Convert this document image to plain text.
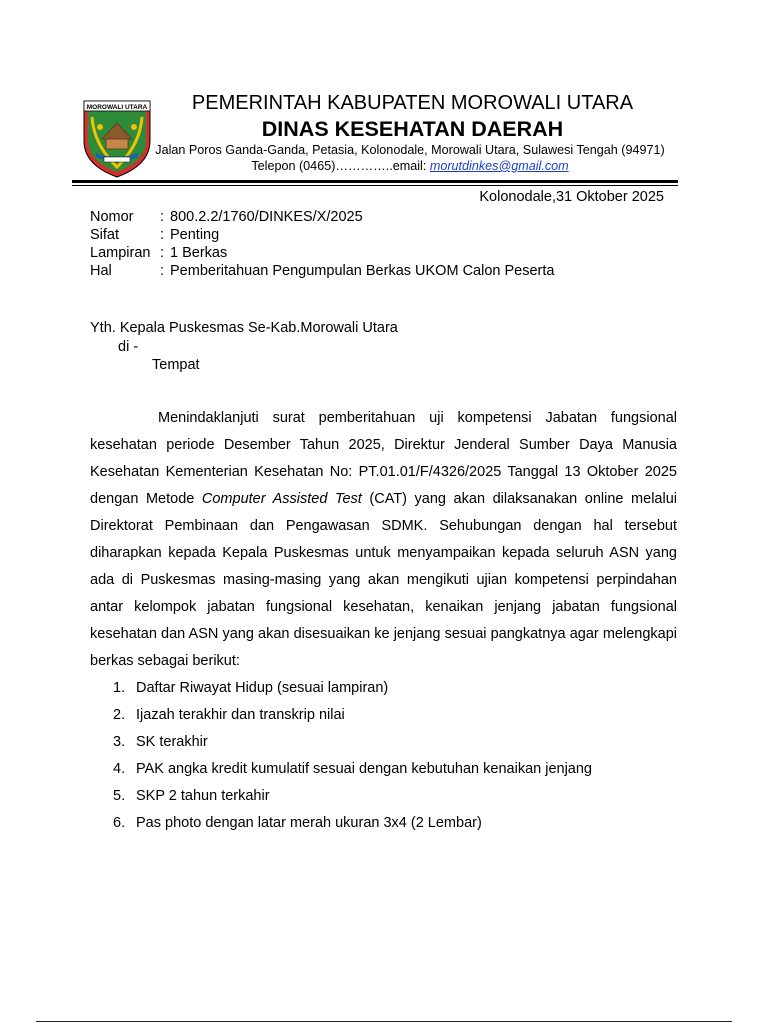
MOROWALI UTARA	PEMERINTAH KABUPATEN MOROWALI UTARA
DINAS KESEHATAN DAERAH
Jalan Poros Ganda-Ganda, Petasia, Kolonodale, Morowali Utara, Sulawesi Tengah (94971)
Telepon (0465)…………..email: morutdinkes@gmail.com
Kolonodale,31 Oktober 2025
Nomor : 800.2.2/1760/DINKES/X/2025
Sifat	: Penting
Lampiran : 1 Berkas
Hal	: Pemberitahuan Pengumpulan Berkas UKOM Calon Peserta
Yth. Kepala Puskesmas Se-Kab.Morowali Utara
di -
Tempat
Menindaklanjuti surat pemberitahuan uji kompetensi Jabatan fungsional kesehatan periode Desember Tahun 2025, Direktur Jenderal Sumber Daya Manusia Kesehatan Kementerian Kesehatan No: PT.01.01/F/4326/2025 Tanggal 13 Oktober 2025 dengan Metode Computer Assisted Test (CAT) yang akan dilaksanakan online melalui Direktorat Pembinaan dan Pengawasan SDMK. Sehubungan dengan hal tersebut diharapkan kepada Kepala Puskesmas untuk menyampaikan kepada seluruh ASN yang ada di Puskesmas masing-masing yang akan mengikuti ujian kompetensi perpindahan antar kelompok jabatan fungsional kesehatan, kenaikan jenjang jabatan fungsional kesehatan dan ASN yang akan disesuaikan ke jenjang sesuai pangkatnya agar melengkapi berkas sebagai berikut:
1. Daftar Riwayat Hidup (sesuai lampiran)
2. Ijazah terakhir dan transkrip nilai
3. SK terakhir
4. PAK angka kredit kumulatif sesuai dengan kebutuhan kenaikan jenjang
5. SKP 2 tahun terkahir
6. Pas photo dengan latar merah ukuran 3x4 (2 Lembar)
